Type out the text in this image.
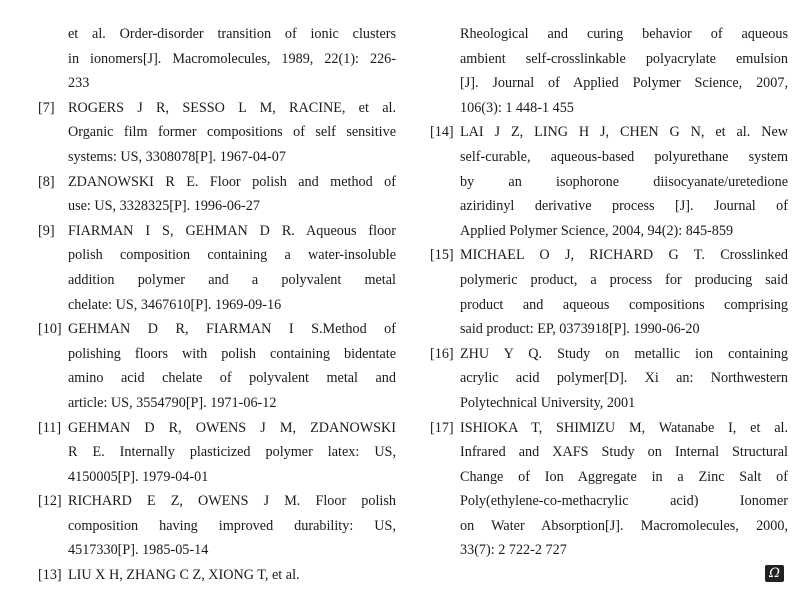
et al. Order-disorder transition of ionic clusters
in ionomers[J]. Macromolecules, 1989, 22(1): 226-
233
[7] ROGERS J R, SESSO L M, RACINE, et al.
Organic film former compositions of self sensitive
systems: US, 3308078[P]. 1967-04-07
[8] ZDANOWSKI R E. Floor polish and method of
use: US, 3328325[P]. 1996-06-27
[9] FIARMAN I S, GEHMAN D R. Aqueous floor
polish composition containing a water-insoluble
addition polymer and a polyvalent metal
chelate: US, 3467610[P]. 1969-09-16
[10] GEHMAN D R, FIARMAN I S.Method of
polishing floors with polish containing bidentate
amino acid chelate of polyvalent metal and
article: US, 3554790[P]. 1971-06-12
[11] GEHMAN D R, OWENS J M, ZDANOWSKI
R E. Internally plasticized polymer latex: US,
4150005[P]. 1979-04-01
[12] RICHARD E Z, OWENS J M. Floor polish
composition having improved durability: US,
4517330[P]. 1985-05-14
[13] LIU X H, ZHANG C Z, XIONG T, et al.
Rheological and curing behavior of aqueous
ambient self-crosslinkable polyacrylate emulsion
[J]. Journal of Applied Polymer Science, 2007,
106(3): 1 448-1 455
[14] LAI J Z, LING H J, CHEN G N, et al. New
self-curable, aqueous-based polyurethane system
by an isophorone diisocyanate/uretedione
aziridinyl derivative process [J]. Journal of
Applied Polymer Science, 2004, 94(2): 845-859
[15] MICHAEL O J, RICHARD G T. Crosslinked
polymeric product, a process for producing said
product and aqueous compositions comprising
said product: EP, 0373918[P]. 1990-06-20
[16] ZHU Y Q. Study on metallic ion containing
acrylic acid polymer[D]. Xi an: Northwestern
Polytechnical University, 2001
[17] ISHIOKA T, SHIMIZU M, Watanabe I, et al.
Infrared and XAFS Study on Internal Structural
Change of Ion Aggregate in a Zinc Salt of
Poly(ethylene-co-methacrylic acid) Ionomer
on Water Absorption[J]. Macromolecules, 2000,
33(7): 2 722-2 727
Ω
